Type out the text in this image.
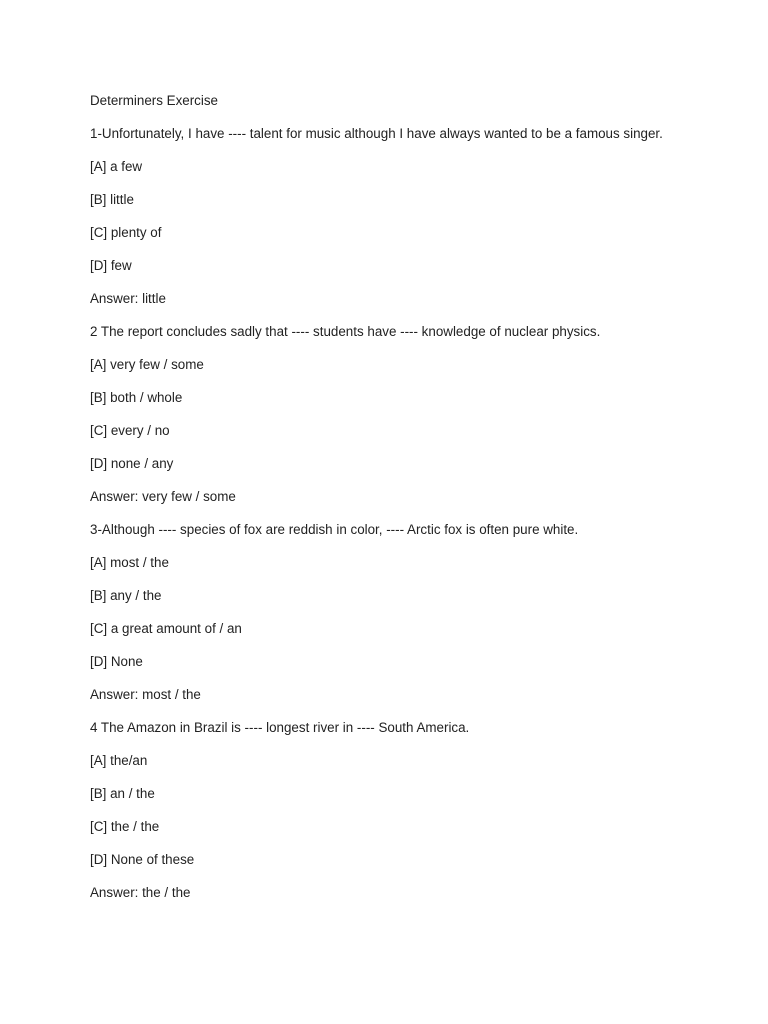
Determiners Exercise
1-Unfortunately, I have ---- talent for music although I have always wanted to be a famous singer.
[A] a few
[B] little
[C] plenty of
[D] few
Answer: little
2 The report concludes sadly that ---- students have ---- knowledge of nuclear physics.
[A] very few / some
[B] both / whole
[C] every / no
[D] none / any
Answer: very few / some
3-Although ---- species of fox are reddish in color, ---- Arctic fox is often pure white.
[A] most / the
[B] any / the
[C] a great amount of / an
[D] None
Answer: most / the
4 The Amazon in Brazil is ---- longest river in ---- South America.
[A] the/an
[B] an / the
[C] the / the
[D] None of these
Answer: the / the
